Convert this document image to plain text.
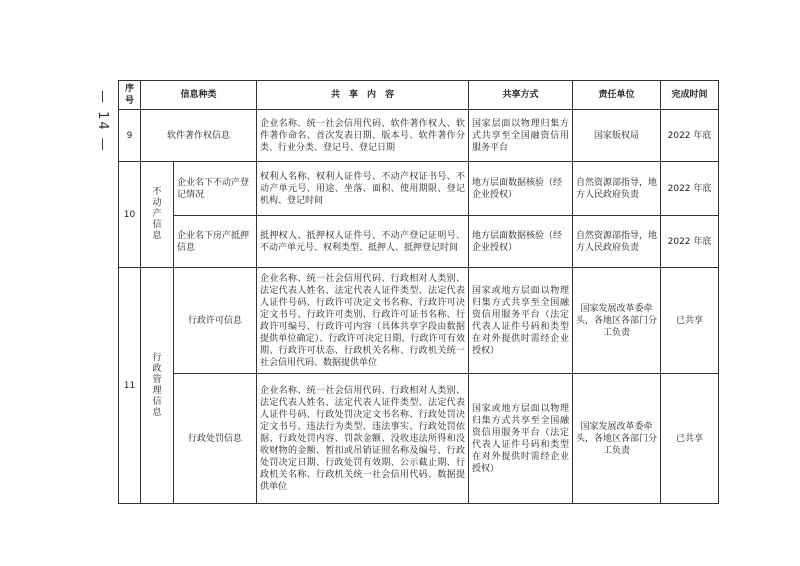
— 14 —
序号	信息种类		共　享　内　容	共享方式	责任单位	完成时间
9	软件著作权信息		企业名称、统一社会信用代码、软件著作权人、软件著作命名、首次发表日期、版本号、软件著作分类、行业分类、登记号、登记日期	国家层面以物理归集方式共享至全国融资信用服务平台	国家版权局	2022 年底
10	不动产信息	企业名下不动产登记情况	权利人名称、权利人证件号、不动产权证书号、不动产单元号、用途、坐落、面积、使用期限、登记机构、登记时间	地方层面数据核验（经企业授权）	自然资源部指导，地方人民政府负责	2022 年底
		企业名下房产抵押信息	抵押权人、抵押权人证件号、不动产登记证明号、不动产单元号、权利类型、抵押人、抵押登记时间	地方层面数据核验（经企业授权）	自然资源部指导，地方人民政府负责	2022 年底
11	行政管理信息	行政许可信息	企业名称、统一社会信用代码、行政相对人类别、法定代表人姓名、法定代表人证件类型、法定代表人证件号码、行政许可决定文书名称、行政许可决定文书号、行政许可类别、行政许可证书名称、行政许可编号、行政许可内容（具体共享字段由数据提供单位确定）、行政许可决定日期、行政许可有效期、行政许可状态、行政机关名称、行政机关统一社会信用代码、数据提供单位	国家或地方层面以物理归集方式共享至全国融资信用服务平台（法定代表人证件号码和类型在对外提供时需经企业授权）	国家发展改革委牵头，各地区各部门分工负责	已共享
		行政处罚信息	企业名称、统一社会信用代码、行政相对人类别、法定代表人姓名、法定代表人证件类型、法定代表人证件号码、行政处罚决定文书名称、行政处罚决定文书号、违法行为类型、违法事实、行政处罚依据、行政处罚内容、罚款金额、没收违法所得和没收财物的金额、暂扣或吊销证照名称及编号、行政处罚决定日期、行政处罚有效期、公示截止期、行政机关名称、行政机关统一社会信用代码、数据提供单位	国家或地方层面以物理归集方式共享至全国融资信用服务平台（法定代表人证件号码和类型在对外提供时需经企业授权）	国家发展改革委牵头，各地区各部门分工负责	已共享
